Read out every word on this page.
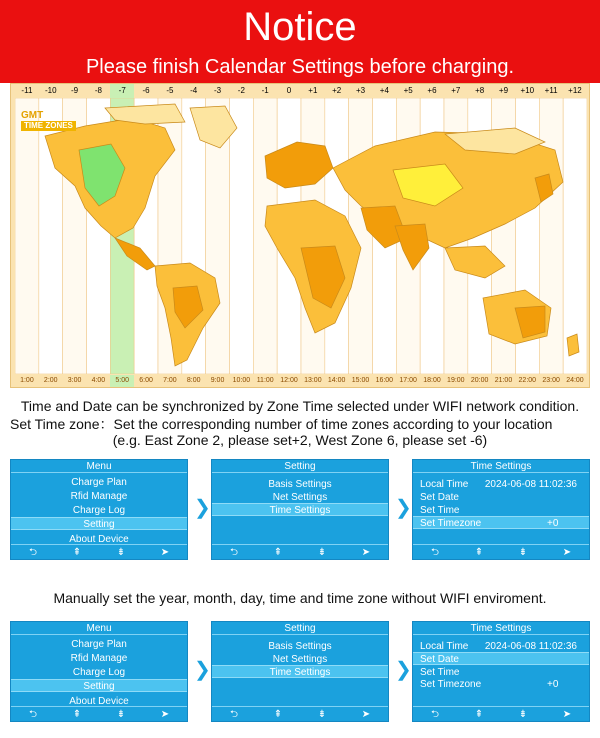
Notice
Please finish Calendar Settings before charging.
-11	-10	-9	-8	-7	-6	-5	-4	-3	-2	-1	0	+1	+2	+3	+4	+5	+6	+7	+8	+9	+10	+11	+12
GMT
TIME ZONES
1:00	2:00	3:00	4:00	5:00	6:00	7:00	8:00	9:00	10:00 11:00 12:00 13:00 14:00 15:00 16:00 17:00 18:00 19:00 20:00 21:00 22:00 23:00 24:00
Time and Date can be synchronized by Zone Time selected under WIFI network condition.
Set Time zone：Set the corresponding number of time zones according to your location
(e.g. East Zone 2, please set+2, West Zone 6, please set -6)
Menu
Charge Plan
Rfid Manage
Charge Log
Setting
About Device
⮌	⇞	⇟	➤
❯
Setting
Basis Settings
Net Settings
Time Settings
⮌	⇞	⇟	➤
❯
Time Settings
Local Time 2024-06-08 11:02:36
Set Date
Set Time
Set Timezone	+0
⮌	⇞	⇟	➤
Manually set the year, month, day, time and time zone without WIFI enviroment.
Menu
Charge Plan
Rfid Manage
Charge Log
Setting
About Device
⮌	⇞	⇟	➤
❯
Setting
Basis Settings
Net Settings
Time Settings
⮌	⇞	⇟	➤
❯
Time Settings
Local Time 2024-06-08 11:02:36
Set Date
Set Time
Set Timezone	+0
⮌	⇞	⇟	➤
